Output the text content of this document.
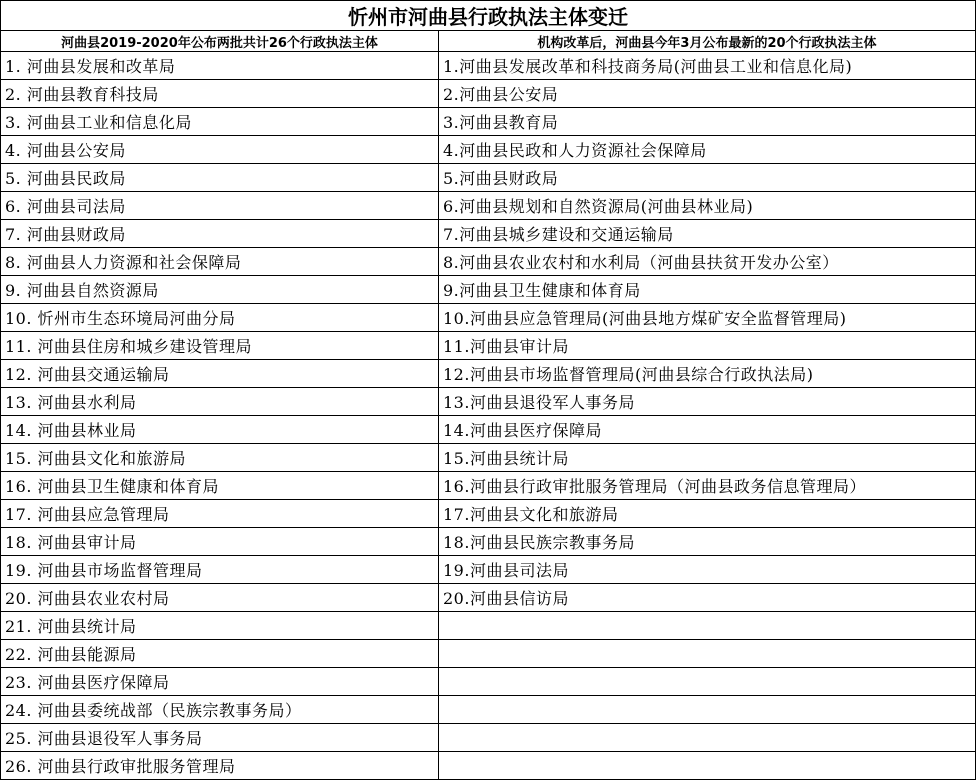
忻州市河曲县行政执法主体变迁	
河曲县2019-2020年公布两批共计26个行政执法主体	机构改革后，河曲县今年3月公布最新的20个行政执法主体
1. 河曲县发展和改革局	1.河曲县发展改革和科技商务局(河曲县工业和信息化局)
2. 河曲县教育科技局	2.河曲县公安局
3. 河曲县工业和信息化局	3.河曲县教育局
4. 河曲县公安局	4.河曲县民政和人力资源社会保障局
5. 河曲县民政局	5.河曲县财政局
6. 河曲县司法局	6.河曲县规划和自然资源局(河曲县林业局)
7. 河曲县财政局	7.河曲县城乡建设和交通运输局
8. 河曲县人力资源和社会保障局	8.河曲县农业农村和水利局（河曲县扶贫开发办公室）
9. 河曲县自然资源局	9.河曲县卫生健康和体育局
10. 忻州市生态环境局河曲分局	10.河曲县应急管理局(河曲县地方煤矿安全监督管理局)
11. 河曲县住房和城乡建设管理局	11.河曲县审计局
12. 河曲县交通运输局	12.河曲县市场监督管理局(河曲县综合行政执法局)
13. 河曲县水利局	13.河曲县退役军人事务局
14. 河曲县林业局	14.河曲县医疗保障局
15. 河曲县文化和旅游局	15.河曲县统计局
16. 河曲县卫生健康和体育局	16.河曲县行政审批服务管理局（河曲县政务信息管理局）
17. 河曲县应急管理局	17.河曲县文化和旅游局
18. 河曲县审计局	18.河曲县民族宗教事务局
19. 河曲县市场监督管理局	19.河曲县司法局
20. 河曲县农业农村局	20.河曲县信访局
21. 河曲县统计局	
22. 河曲县能源局	
23. 河曲县医疗保障局	
24. 河曲县委统战部（民族宗教事务局）	
25. 河曲县退役军人事务局	
26. 河曲县行政审批服务管理局	
